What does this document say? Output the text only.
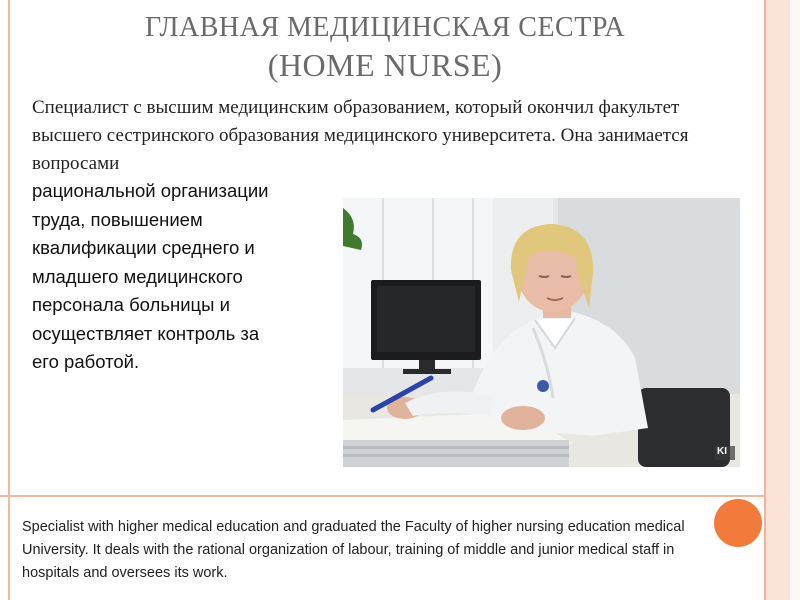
ГЛАВНАЯ МЕДИЦИНСКАЯ СЕСТРА
(HOME NURSE)
Специалист с высшим медицинским образованием, который окончил факультет высшего сестринского образования медицинского университета. Она занимается вопросами
рациональной организации
труда, повышением
квалификации среднего и
младшего медицинского
персонала больницы и
осуществляет контроль за
его работой.
KI
Specialist with higher medical education and graduated the Faculty of higher nursing education medical University. It deals with the rational organization of labour, training of middle and junior medical staff in hospitals and oversees its work.
